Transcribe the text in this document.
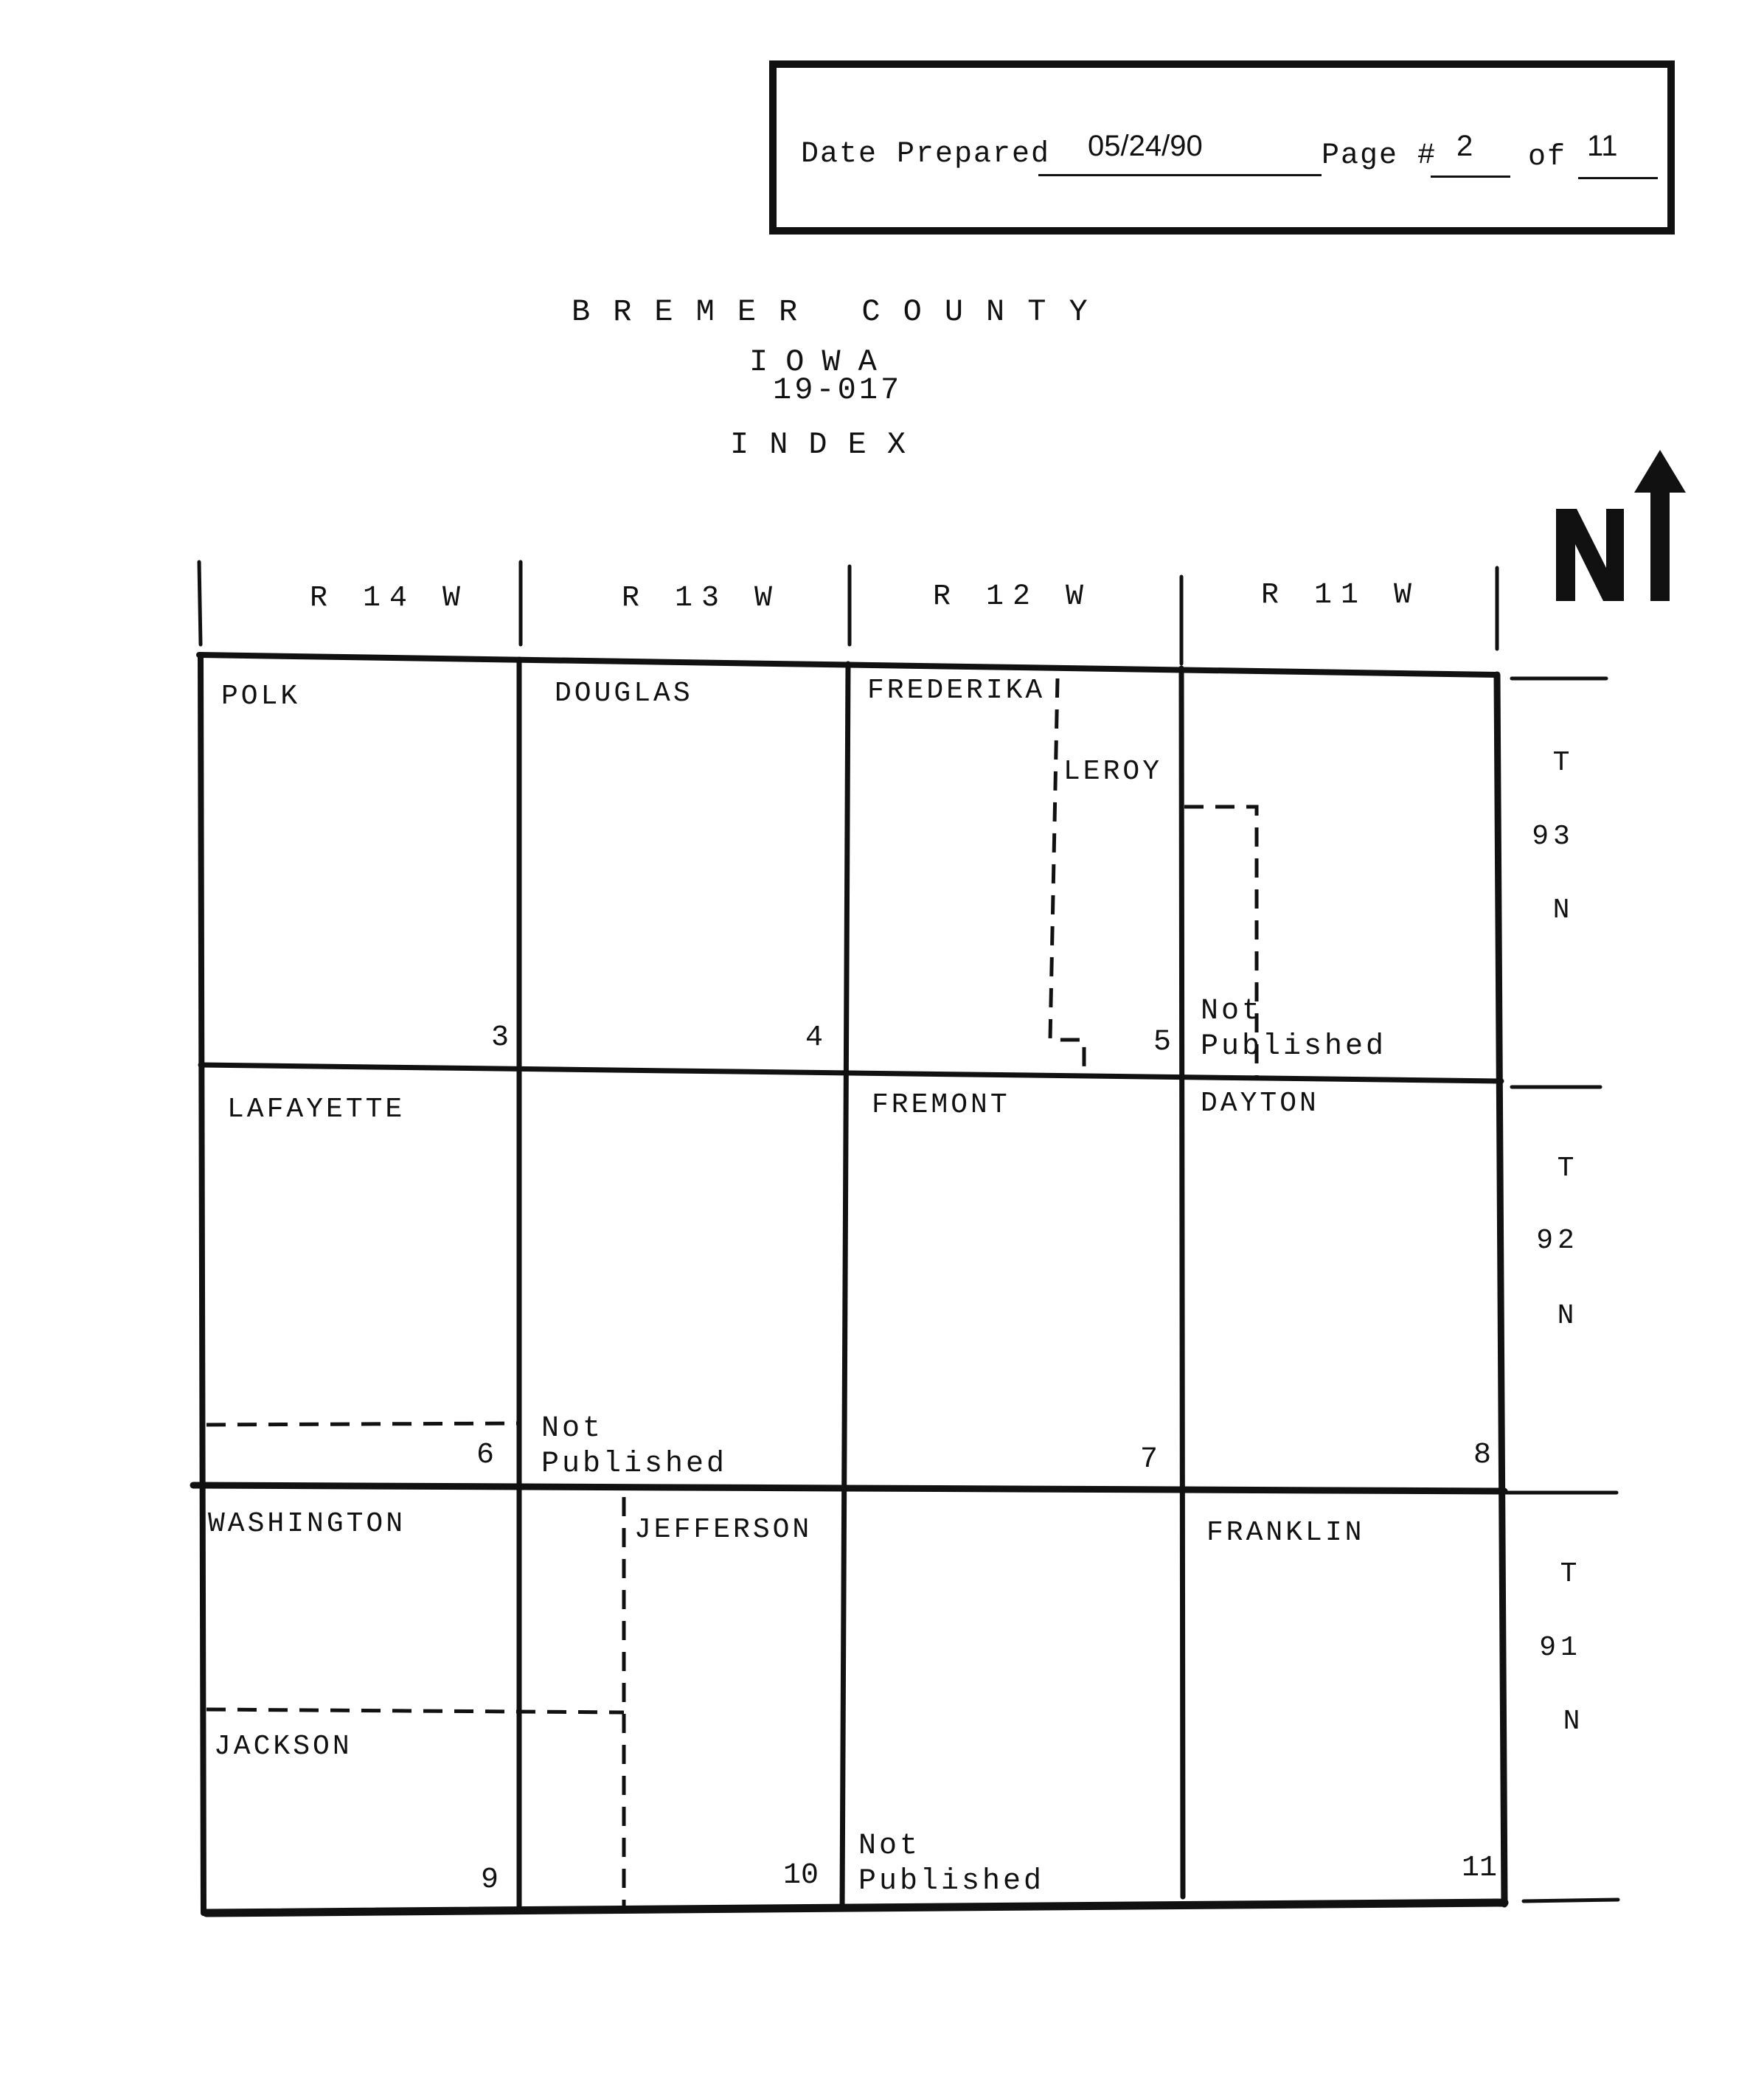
Date Prepared 05/24/90	Page # 2 of 11
BREMER COUNTY
IOWA
19-017
INDEX
R 14 W	R 13 W	R 12 W	R 11 W
POLK
3
DOUGLAS
4
FREDERIKA
LEROY
5
Not Published
LAFAYETTE
6
Not Published
FREMONT
7
DAYTON
8
WASHINGTON
JACKSON
9
JEFFERSON
10
Not Published
FRANKLIN
11
T
93
N
T
92
N
T
91
N
